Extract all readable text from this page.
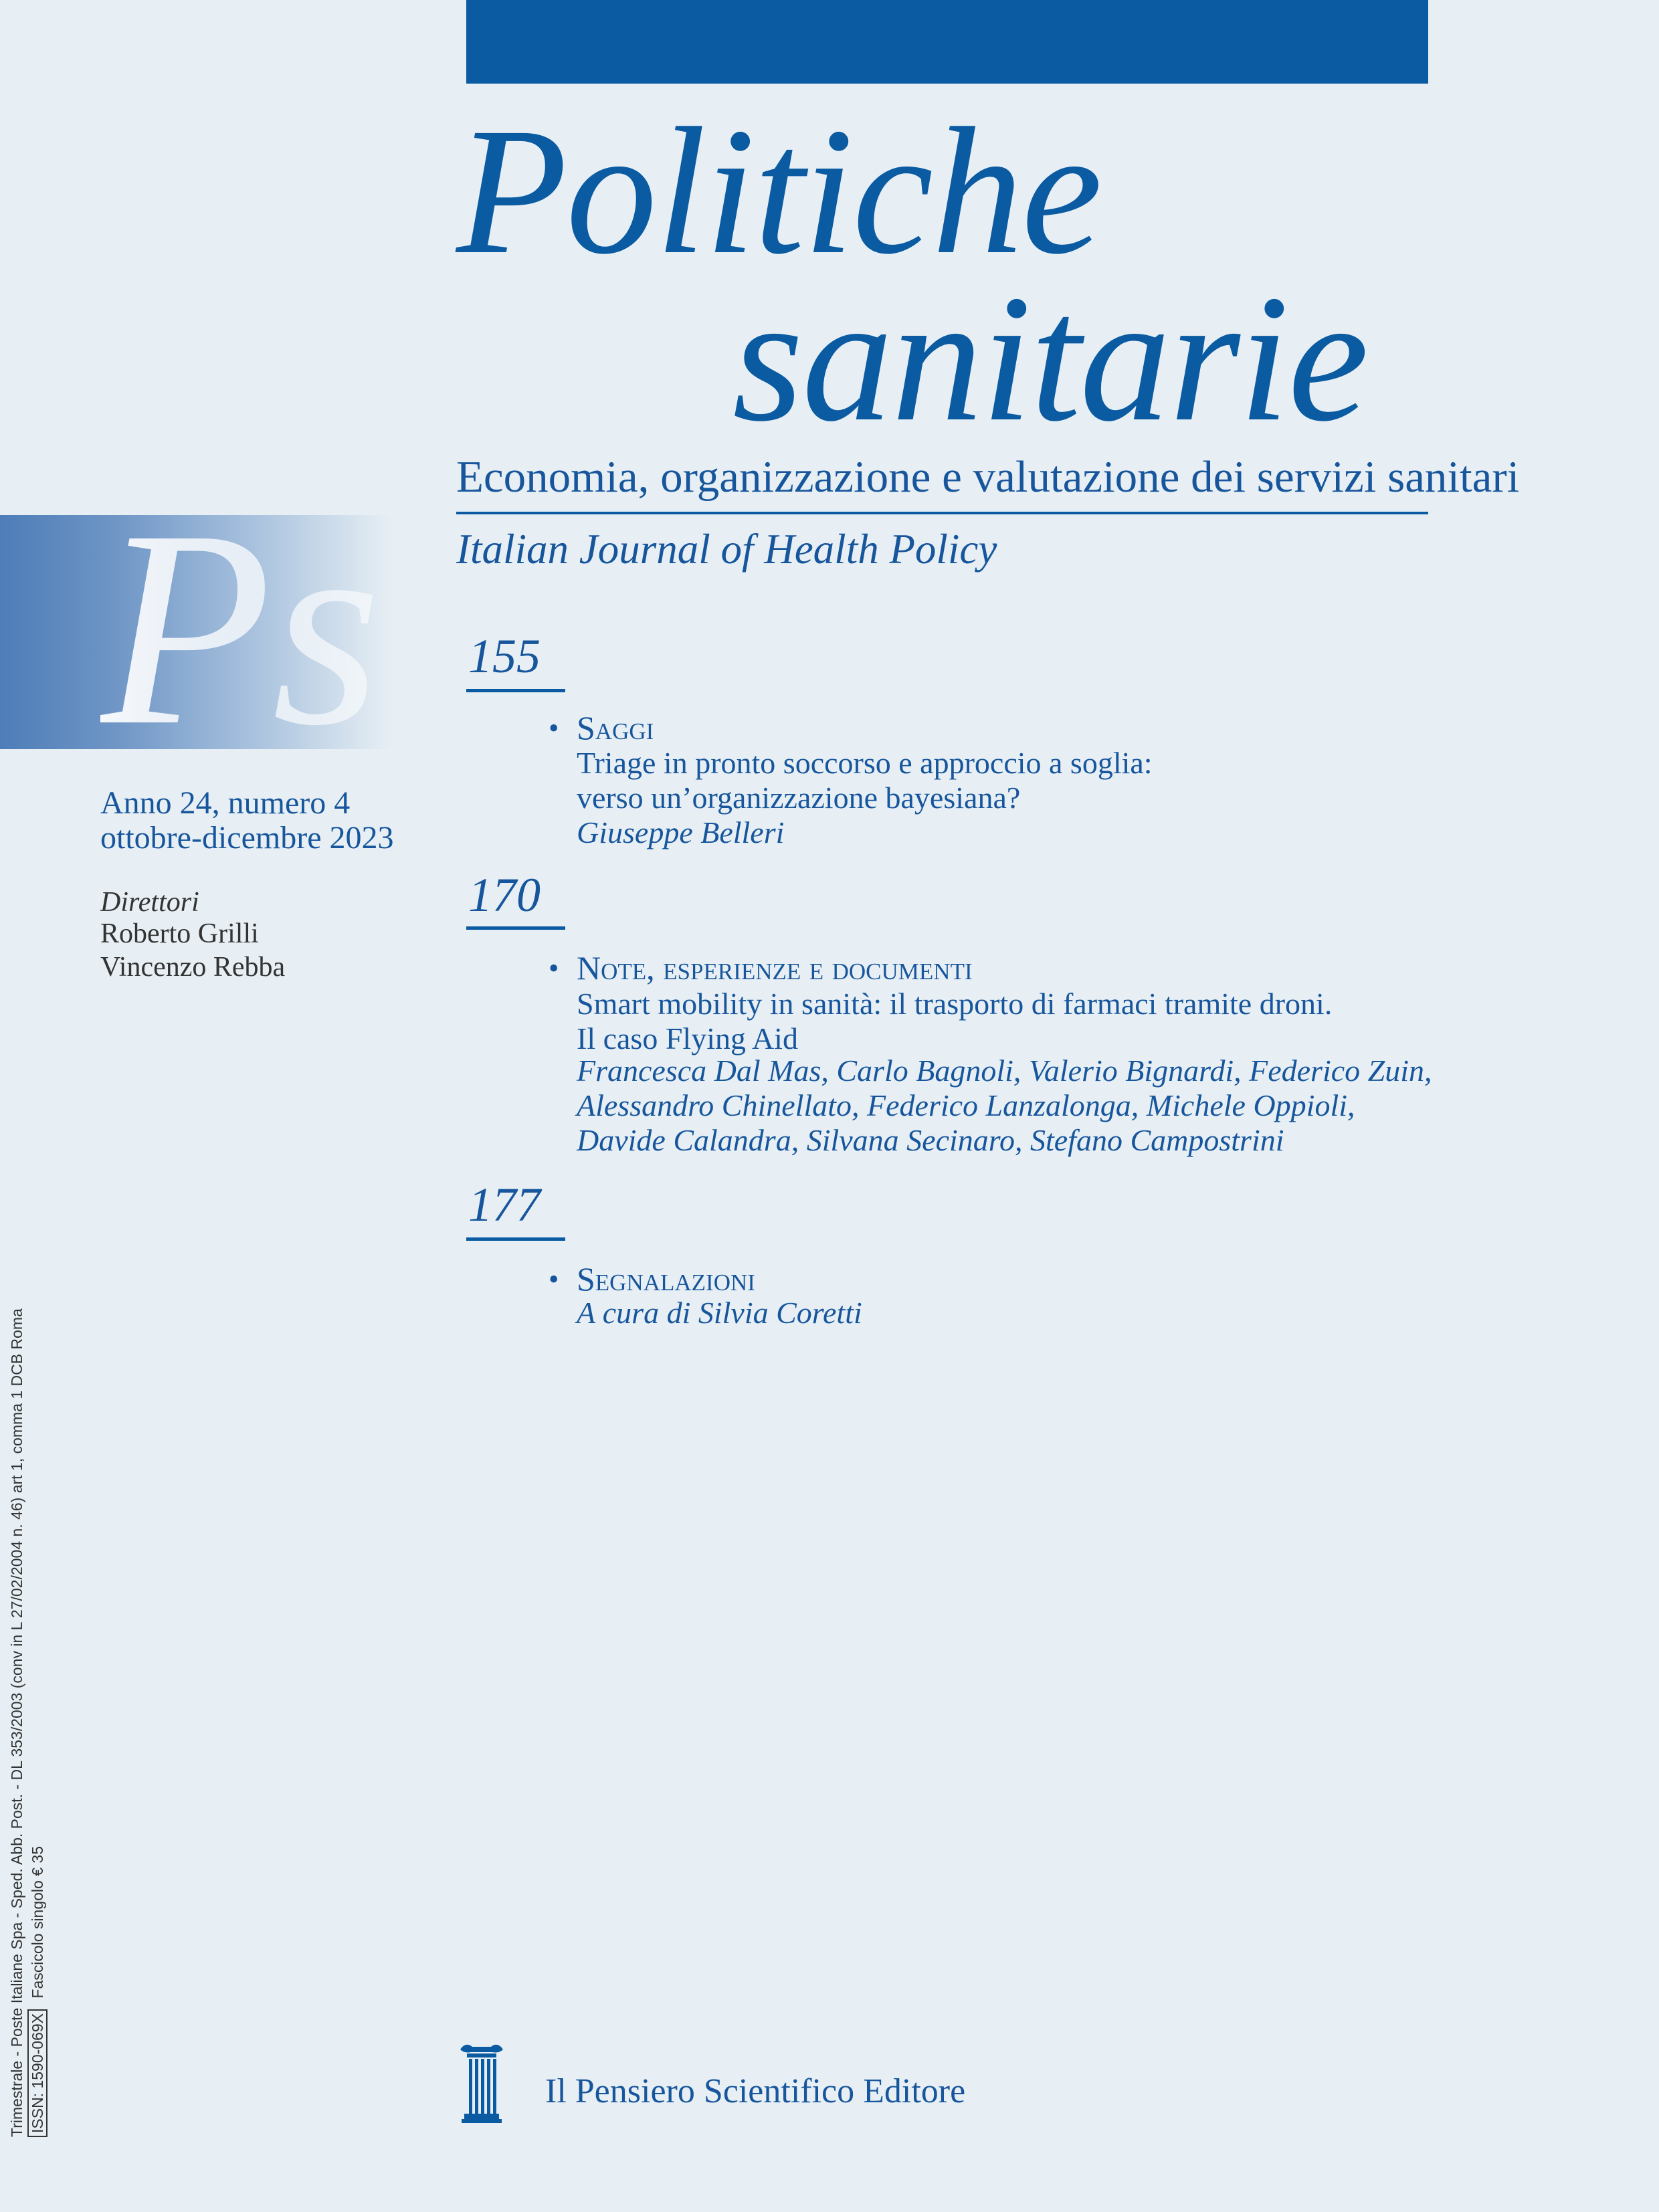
Politiche
sanitarie
Economia, organizzazione e valutazione dei servizi sanitari
Italian Journal of Health Policy
Ps
Anno 24, numero 4
ottobre-dicembre 2023
Direttori
Roberto Grilli
Vincenzo Rebba
155
• Saggi
Triage in pronto soccorso e approccio a soglia:
verso un’organizzazione bayesiana?
Giuseppe Belleri
170
• Note, esperienze e documenti
Smart mobility in sanità: il trasporto di farmaci tramite droni.
Il caso Flying Aid
Francesca Dal Mas, Carlo Bagnoli, Valerio Bignardi, Federico Zuin,
Alessandro Chinellato, Federico Lanzalonga, Michele Oppioli,
Davide Calandra, Silvana Secinaro, Stefano Campostrini
177
• Segnalazioni
A cura di Silvia Coretti
Trimestrale - Poste Italiane Spa - Sped. Abb. Post. - DL 353/2003 (conv in L 27/02/2004 n. 46) art 1, comma 1 DCB Roma ISSN: 1590-069X Fascicolo singolo € 35
Il Pensiero Scientifico Editore
